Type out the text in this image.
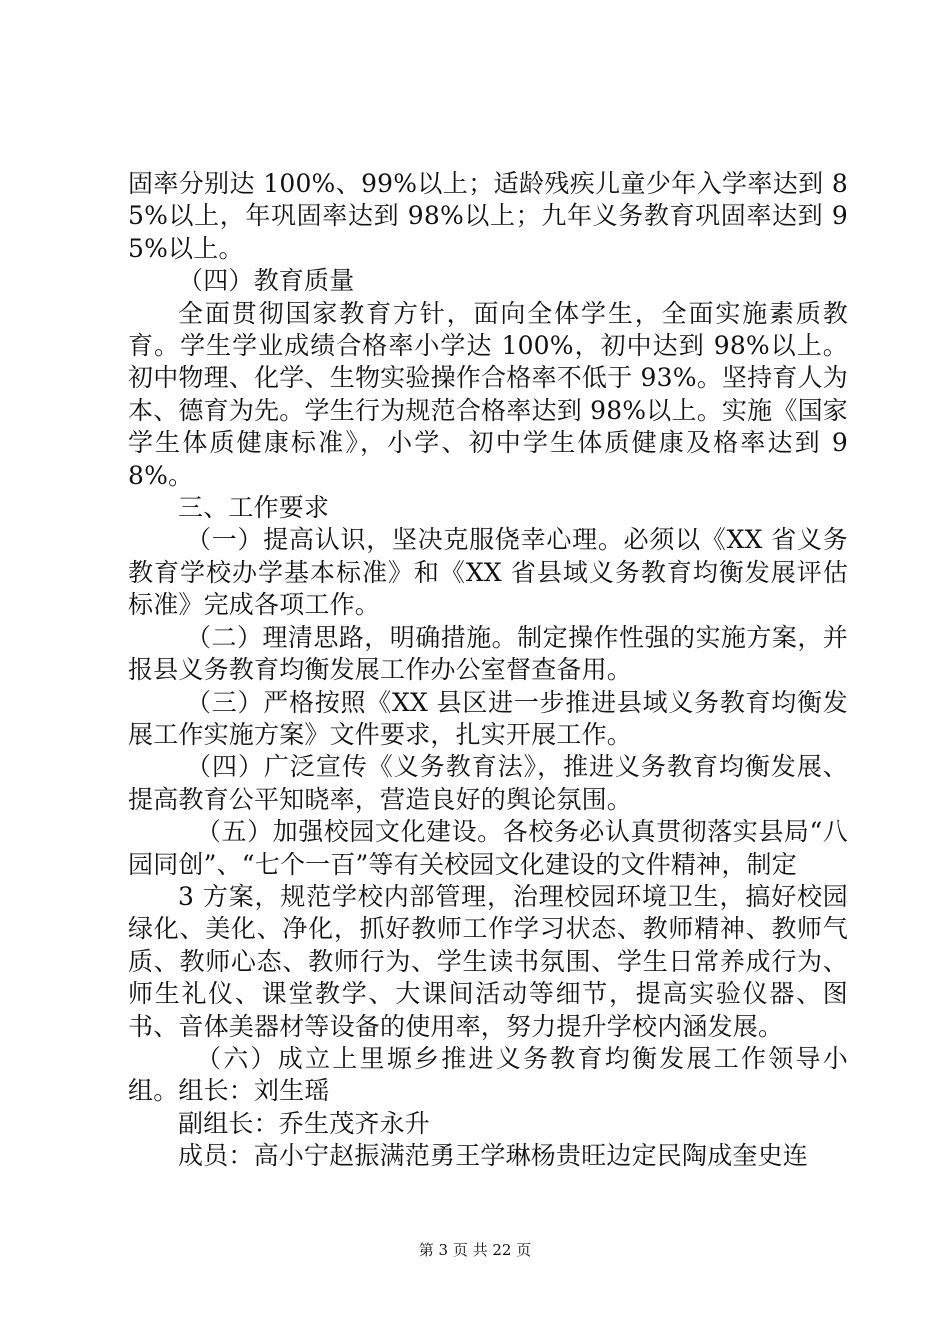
固率分别达 100%、99%以上；适龄残疾儿童少年入学率达到 85%以上，年巩固率达到 98%以上；九年义务教育巩固率达到 95%以上。

（四）教育质量

全面贯彻国家教育方针，面向全体学生，全面实施素质教育。学生学业成绩合格率小学达 100%，初中达到 98%以上。初中物理、化学、生物实验操作合格率不低于 93%。坚持育人为本、德育为先。学生行为规范合格率达到 98%以上。实施《国家学生体质健康标准》，小学、初中学生体质健康及格率达到 98%。

三、工作要求

（一）提高认识，坚决克服侥幸心理。必须以《XX 省义务教育学校办学基本标准》和《XX 省县域义务教育均衡发展评估标准》完成各项工作。

（二）理清思路，明确措施。制定操作性强的实施方案，并报县义务教育均衡发展工作办公室督查备用。

（三）严格按照《XX 县区进一步推进县域义务教育均衡发展工作实施方案》文件要求，扎实开展工作。

（四）广泛宣传《义务教育法》，推进义务教育均衡发展、提高教育公平知晓率，营造良好的舆论氛围。

（五）加强校园文化建设。各校务必认真贯彻落实县局“八园同创”、“七个一百”等有关校园文化建设的文件精神，制定

3 方案，规范学校内部管理，治理校园环境卫生，搞好校园绿化、美化、净化，抓好教师工作学习状态、教师精神、教师气质、教师心态、教师行为、学生读书氛围、学生日常养成行为、师生礼仪、课堂教学、大课间活动等细节，提高实验仪器、图书、音体美器材等设备的使用率，努力提升学校内涵发展。

（六）成立上里塬乡推进义务教育均衡发展工作领导小组。组长：刘生瑶

副组长：乔生茂齐永升

成员：高小宁赵振满范勇王学琳杨贵旺边定民陶成奎史连

第 3 页 共 22 页
